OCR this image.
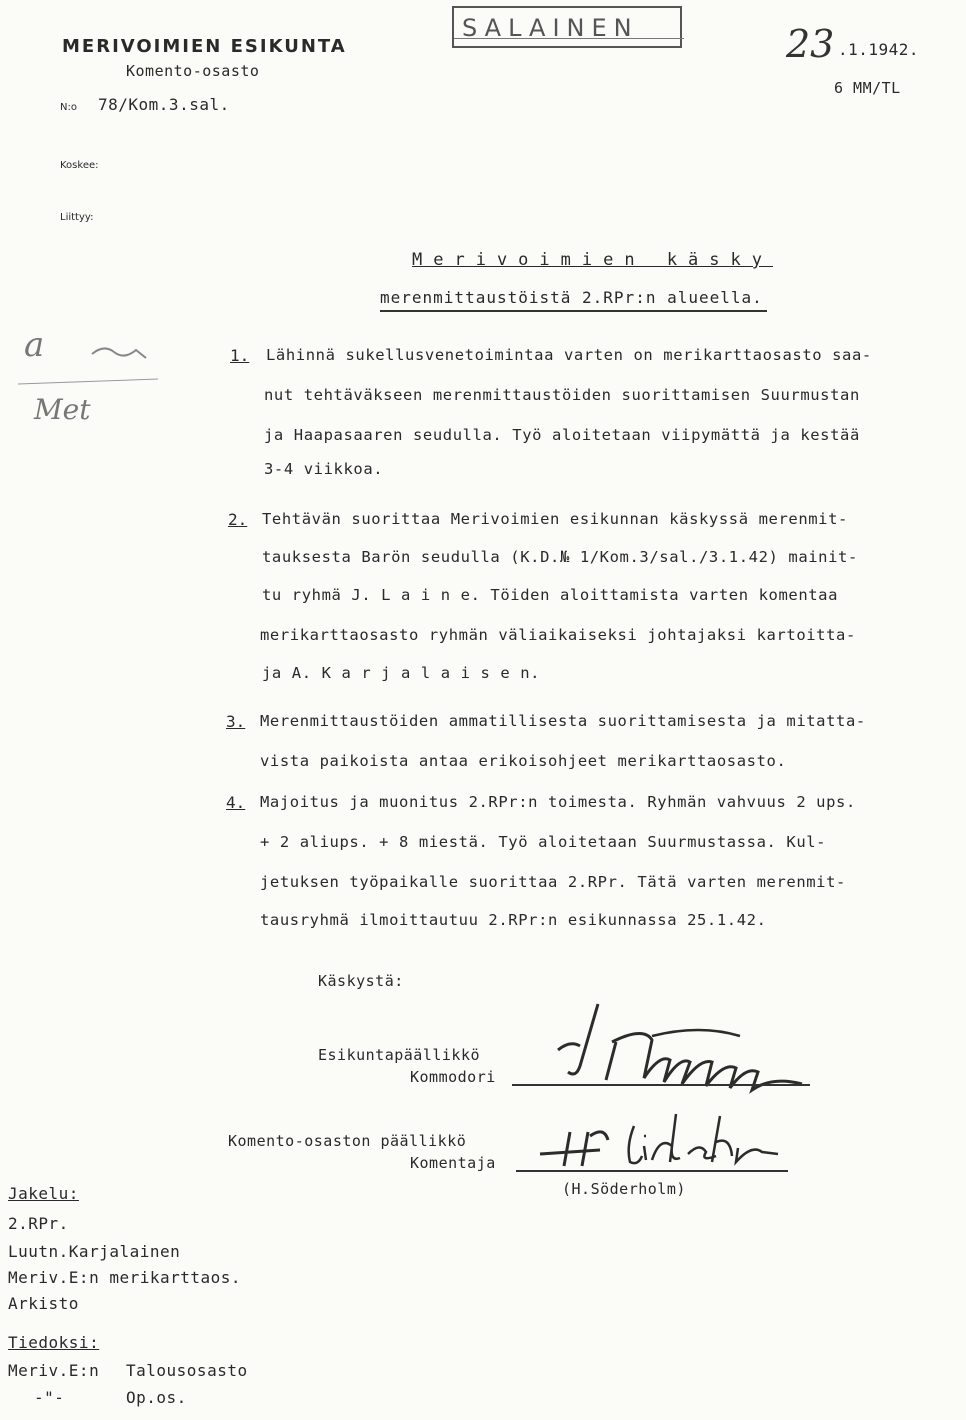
MERIVOIMIEN ESIKUNTA
Komento-osasto
N:o 78/Kom.3.sal.
SALAINEN	23 .1.1942.
6 MM/TL
Koskee:
Liittyy:
Merivoimien käsky
merenmittaustöistä 2.RPr:n alueella.
a
Met
1. Lähinnä sukellusvenetoimintaa varten on merikarttaosasto saa-
nut tehtäväkseen merenmittaustöiden suorittamisen Suurmustan
ja Haapasaaren seudulla. Työ aloitetaan viipymättä ja kestää
3-4 viikkoa.
2. Tehtävän suorittaa Merivoimien esikunnan käskyssä merenmit-
tauksesta Barön seudulla (K.D.№ 1/Kom.3/sal./3.1.42) mainit-
tu ryhmä J. L a i n e. Töiden aloittamista varten komentaa
merikarttaosasto ryhmän väliaikaiseksi johtajaksi kartoitta-
ja A. K a r j a l a i s e n.
3. Merenmittaustöiden ammatillisesta suorittamisesta ja mitatta-
vista paikoista antaa erikoisohjeet merikarttaosasto.
4. Majoitus ja muonitus 2.RPr:n toimesta. Ryhmän vahvuus 2 ups.
+ 2 aliups. + 8 miestä. Työ aloitetaan Suurmustassa. Kul-
jetuksen työpaikalle suorittaa 2.RPr. Tätä varten merenmit-
tausryhmä ilmoittautuu 2.RPr:n esikunnassa 25.1.42.
Käskystä:
Esikuntapäällikkö
Kommodori
Komento-osaston päällikkö
Komentaja
(H.Söderholm)
Jakelu:
2.RPr.
Luutn.Karjalainen
Meriv.E:n merikarttaos.
Arkisto
Tiedoksi:
Meriv.E:n Talousosasto
-"-	Op.os.
